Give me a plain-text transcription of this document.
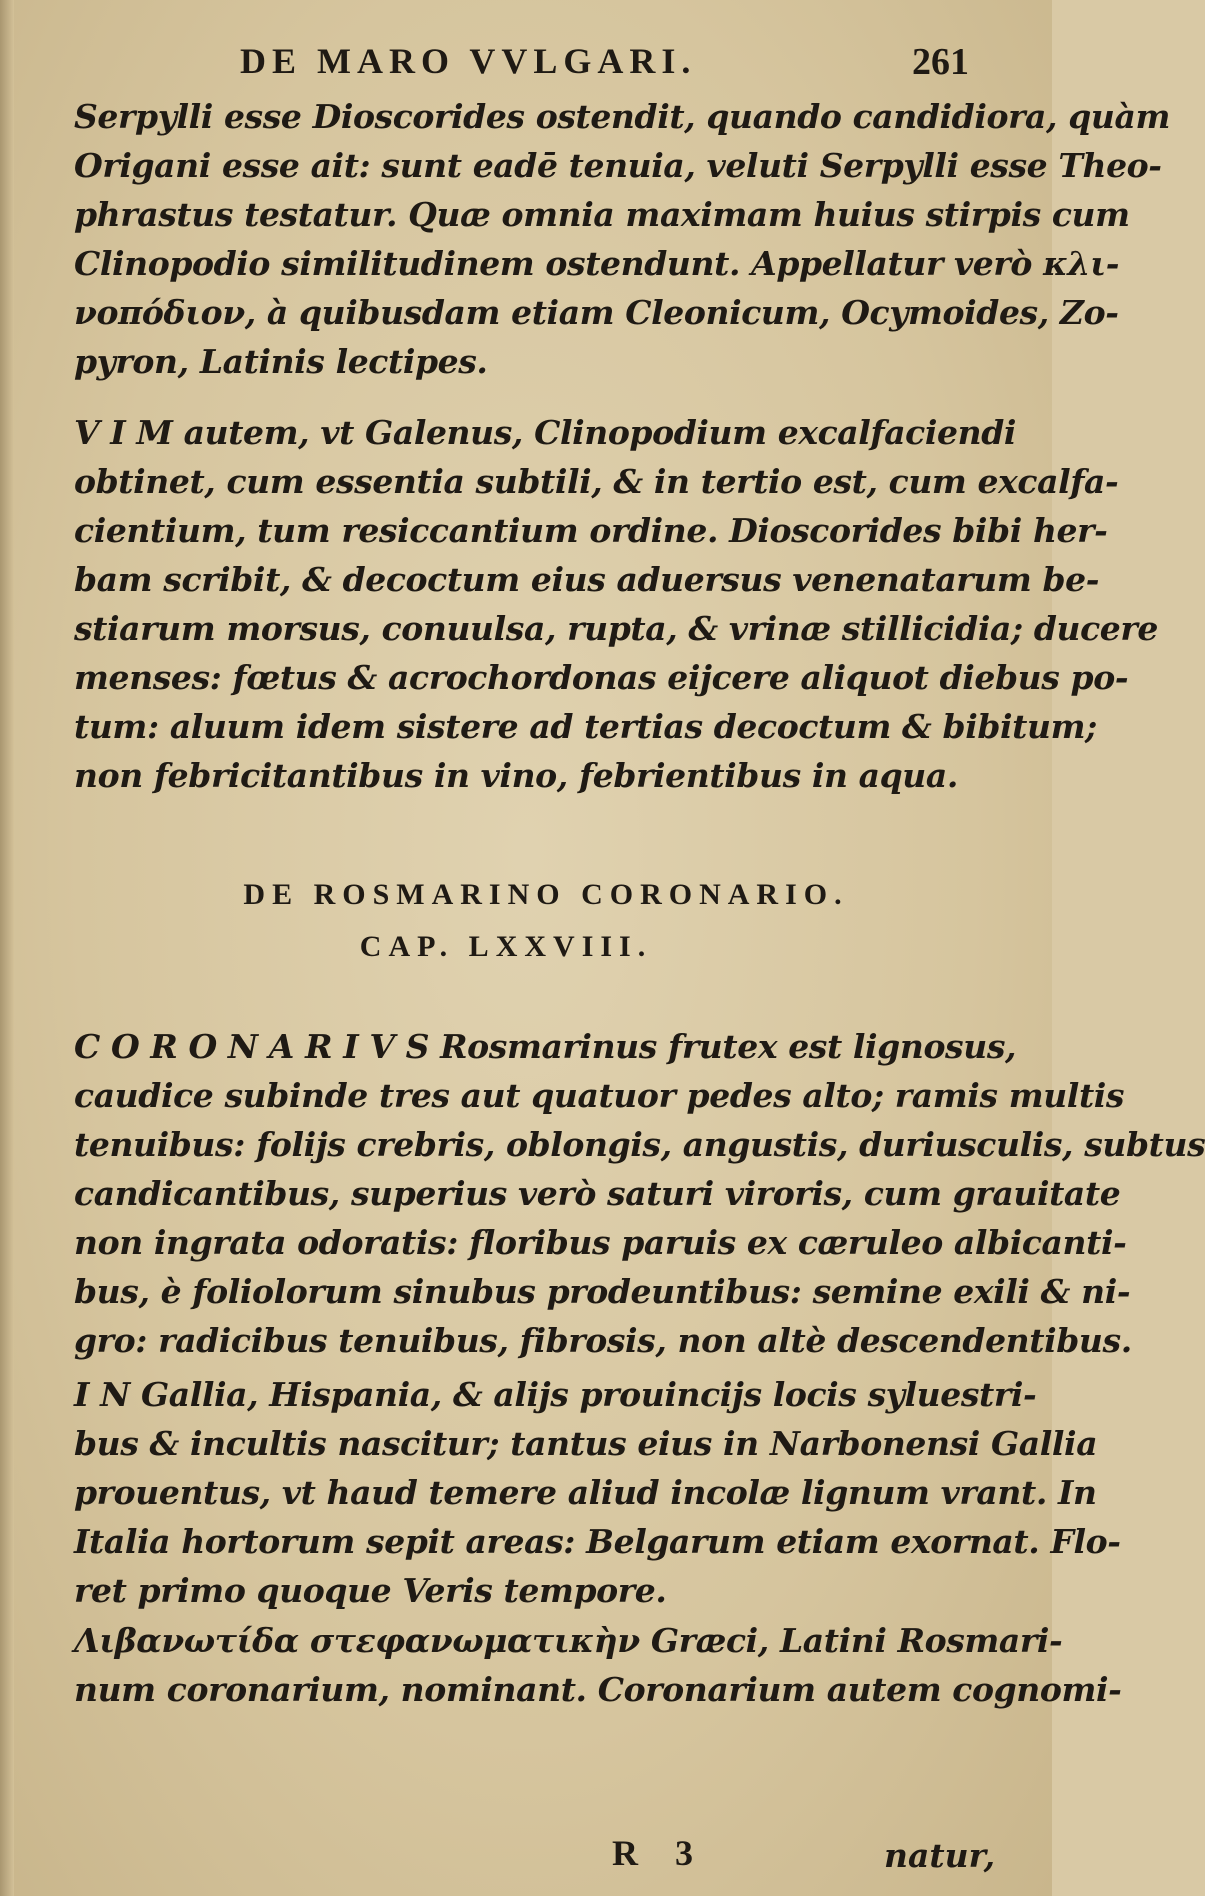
DE MARO VVLGARI.	261
Serpylli esse Dioscorides ostendit, quando candidiora, quàm
Origani esse ait: sunt eadē tenuia, veluti Serpylli esse Theo-
phrastus testatur. Quæ omnia maximam huius stirpis cum
Clinopodio similitudinem ostendunt. Appellatur verò κλι-
νοπόδιον, à quibusdam etiam Cleonicum, Ocymoides, Zo-
pyron, Latinis lectipes.
V I M autem, vt Galenus, Clinopodium excalfaciendi
obtinet, cum essentia subtili, & in tertio est, cum excalfa-
cientium, tum resiccantium ordine. Dioscorides bibi her-
bam scribit, & decoctum eius aduersus venenatarum be-
stiarum morsus, conuulsa, rupta, & vrinæ stillicidia; ducere
menses: fœtus & acrochordonas eijcere aliquot diebus po-
tum: aluum idem sistere ad tertias decoctum & bibitum;
non febricitantibus in vino, febrientibus in aqua.
DE ROSMARINO CORONARIO.
CAP. LXXVIII.
C O R O N A R I V S Rosmarinus frutex est lignosus,
caudice subinde tres aut quatuor pedes alto; ramis multis
tenuibus: folijs crebris, oblongis, angustis, duriusculis, subtus
candicantibus, superius verò saturi viroris, cum grauitate
non ingrata odoratis: floribus paruis ex cæruleo albicanti-
bus, è foliolorum sinubus prodeuntibus: semine exili & ni-
gro: radicibus tenuibus, fibrosis, non altè descendentibus.
I N Gallia, Hispania, & alijs prouincijs locis syluestri-
bus & incultis nascitur; tantus eius in Narbonensi Gallia
prouentus, vt haud temere aliud incolæ lignum vrant. In
Italia hortorum sepit areas: Belgarum etiam exornat. Flo-
ret primo quoque Veris tempore.
Λιβανωτίδα στεφανωματικὴν Græci, Latini Rosmari-
num coronarium, nominant. Coronarium autem cognomi-
R 3	natur,
